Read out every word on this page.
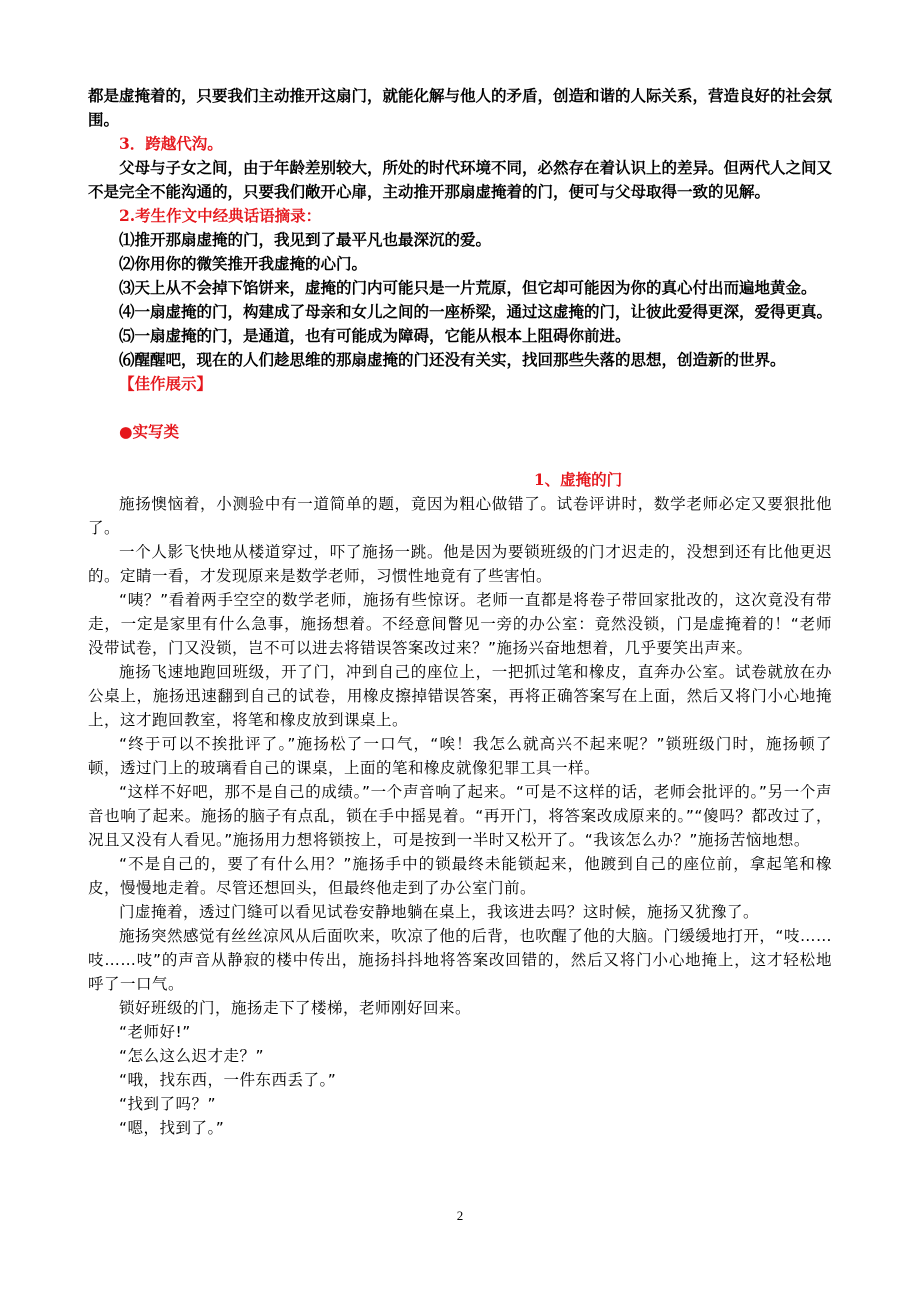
都是虚掩着的，只要我们主动推开这扇门，就能化解与他人的矛盾，创造和谐的人际关系，营造良好的社会氛围。

3．跨越代沟。

父母与子女之间，由于年龄差别较大，所处的时代环境不同，必然存在着认识上的差异。但两代人之间又不是完全不能沟通的，只要我们敞开心扉，主动推开那扇虚掩着的门，便可与父母取得一致的见解。

2.考生作文中经典话语摘录：

⑴推开那扇虚掩的门，我见到了最平凡也最深沉的爱。

⑵你用你的微笑推开我虚掩的心门。

⑶天上从不会掉下馅饼来，虚掩的门内可能只是一片荒原，但它却可能因为你的真心付出而遍地黄金。

⑷一扇虚掩的门，构建成了母亲和女儿之间的一座桥梁，通过这虚掩的门，让彼此爱得更深，爱得更真。

⑸一扇虚掩的门，是通道，也有可能成为障碍，它能从根本上阻碍你前进。

⑹醒醒吧，现在的人们趁思维的那扇虚掩的门还没有关实，找回那些失落的思想，创造新的世界。

【佳作展示】

●实写类

1、虚掩的门

施扬懊恼着，小测验中有一道简单的题，竟因为粗心做错了。试卷评讲时，数学老师必定又要狠批他了。

一个人影飞快地从楼道穿过，吓了施扬一跳。他是因为要锁班级的门才迟走的，没想到还有比他更迟的。定睛一看，才发现原来是数学老师，习惯性地竟有了些害怕。

“咦？”看着两手空空的数学老师，施扬有些惊讶。老师一直都是将卷子带回家批改的，这次竟没有带走，一定是家里有什么急事，施扬想着。不经意间瞥见一旁的办公室：竟然没锁，门是虚掩着的！“老师没带试卷，门又没锁，岂不可以进去将错误答案改过来？”施扬兴奋地想着，几乎要笑出声来。

施扬飞速地跑回班级，开了门，冲到自己的座位上，一把抓过笔和橡皮，直奔办公室。试卷就放在办公桌上，施扬迅速翻到自己的试卷，用橡皮擦掉错误答案，再将正确答案写在上面，然后又将门小心地掩上，这才跑回教室，将笔和橡皮放到课桌上。

“终于可以不挨批评了。”施扬松了一口气，“唉！我怎么就高兴不起来呢？”锁班级门时，施扬顿了顿，透过门上的玻璃看自己的课桌，上面的笔和橡皮就像犯罪工具一样。

“这样不好吧，那不是自己的成绩。”一个声音响了起来。“可是不这样的话，老师会批评的。”另一个声音也响了起来。施扬的脑子有点乱，锁在手中摇晃着。“再开门，将答案改成原来的。”“傻吗？都改过了，况且又没有人看见。”施扬用力想将锁按上，可是按到一半时又松开了。“我该怎么办？”施扬苦恼地想。

“不是自己的，要了有什么用？”施扬手中的锁最终未能锁起来，他踱到自己的座位前，拿起笔和橡皮，慢慢地走着。尽管还想回头，但最终他走到了办公室门前。

门虚掩着，透过门缝可以看见试卷安静地躺在桌上，我该进去吗？这时候，施扬又犹豫了。

施扬突然感觉有丝丝凉风从后面吹来，吹凉了他的后背，也吹醒了他的大脑。门缓缓地打开，“吱……吱……吱”的声音从静寂的楼中传出，施扬抖抖地将答案改回错的，然后又将门小心地掩上，这才轻松地呼了一口气。

锁好班级的门，施扬走下了楼梯，老师刚好回来。

“老师好!”

“怎么这么迟才走？”

“哦，找东西，一件东西丢了。”

“找到了吗？”

“嗯，找到了。”

2
